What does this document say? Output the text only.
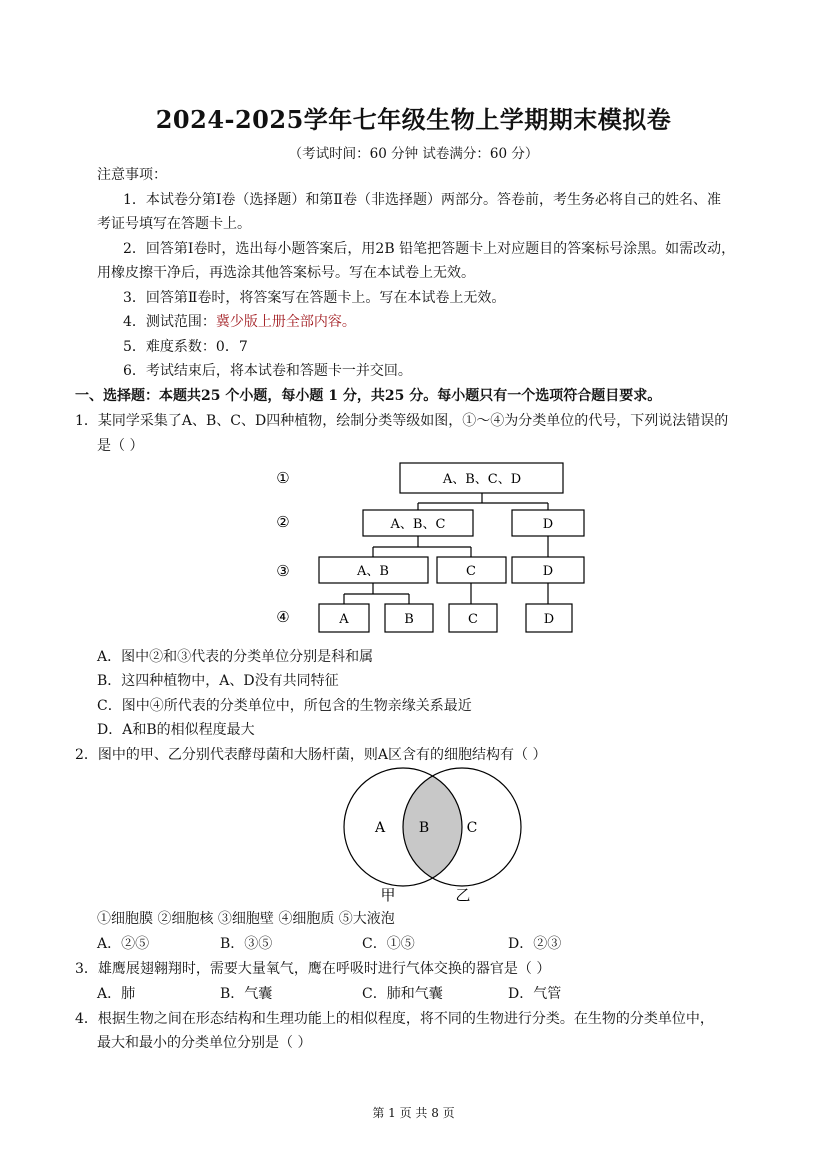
2024-2025学年七年级生物上学期期末模拟卷
（考试时间：60 分钟 试卷满分：60 分）
注意事项：
1．本试卷分第Ⅰ卷（选择题）和第Ⅱ卷（非选择题）两部分。答卷前，考生务必将自己的姓名、准
考证号填写在答题卡上。
2．回答第Ⅰ卷时，选出每小题答案后，用2B 铅笔把答题卡上对应题目的答案标号涂黑。如需改动，
用橡皮擦干净后，再选涂其他答案标号。写在本试卷上无效。
3．回答第Ⅱ卷时，将答案写在答题卡上。写在本试卷上无效。
4．测试范围：冀少版上册全部内容。
5．难度系数：0．7
6．考试结束后，将本试卷和答题卡一并交回。
一、选择题：本题共25 个小题，每小题 1 分，共25 分。每小题只有一个选项符合题目要求。
1．某同学采集了A、B、C、D四种植物，绘制分类等级如图，①～④为分类单位的代号，下列说法错误的
是（ ）
①
②
③
④
A、B、C、D
A、B、C	D
A、B	C	D
A	B	C	D
A B	C
甲	乙
A．图中②和③代表的分类单位分别是科和属
B．这四种植物中，A、D没有共同特征
C．图中④所代表的分类单位中，所包含的生物亲缘关系最近
D．A和B的相似程度最大
2．图中的甲、乙分别代表酵母菌和大肠杆菌，则A区含有的细胞结构有（ ）
①细胞膜 ②细胞核 ③细胞壁 ④细胞质 ⑤大液泡
A．②⑤	B．③⑤	C．①⑤	D．②③
3．雄鹰展翅翱翔时，需要大量氧气，鹰在呼吸时进行气体交换的器官是（ ）
A．肺	B．气囊	C．肺和气囊	D．气管
4．根据生物之间在形态结构和生理功能上的相似程度，将不同的生物进行分类。在生物的分类单位中，
最大和最小的分类单位分别是（ ）
第 1 页 共 8 页
